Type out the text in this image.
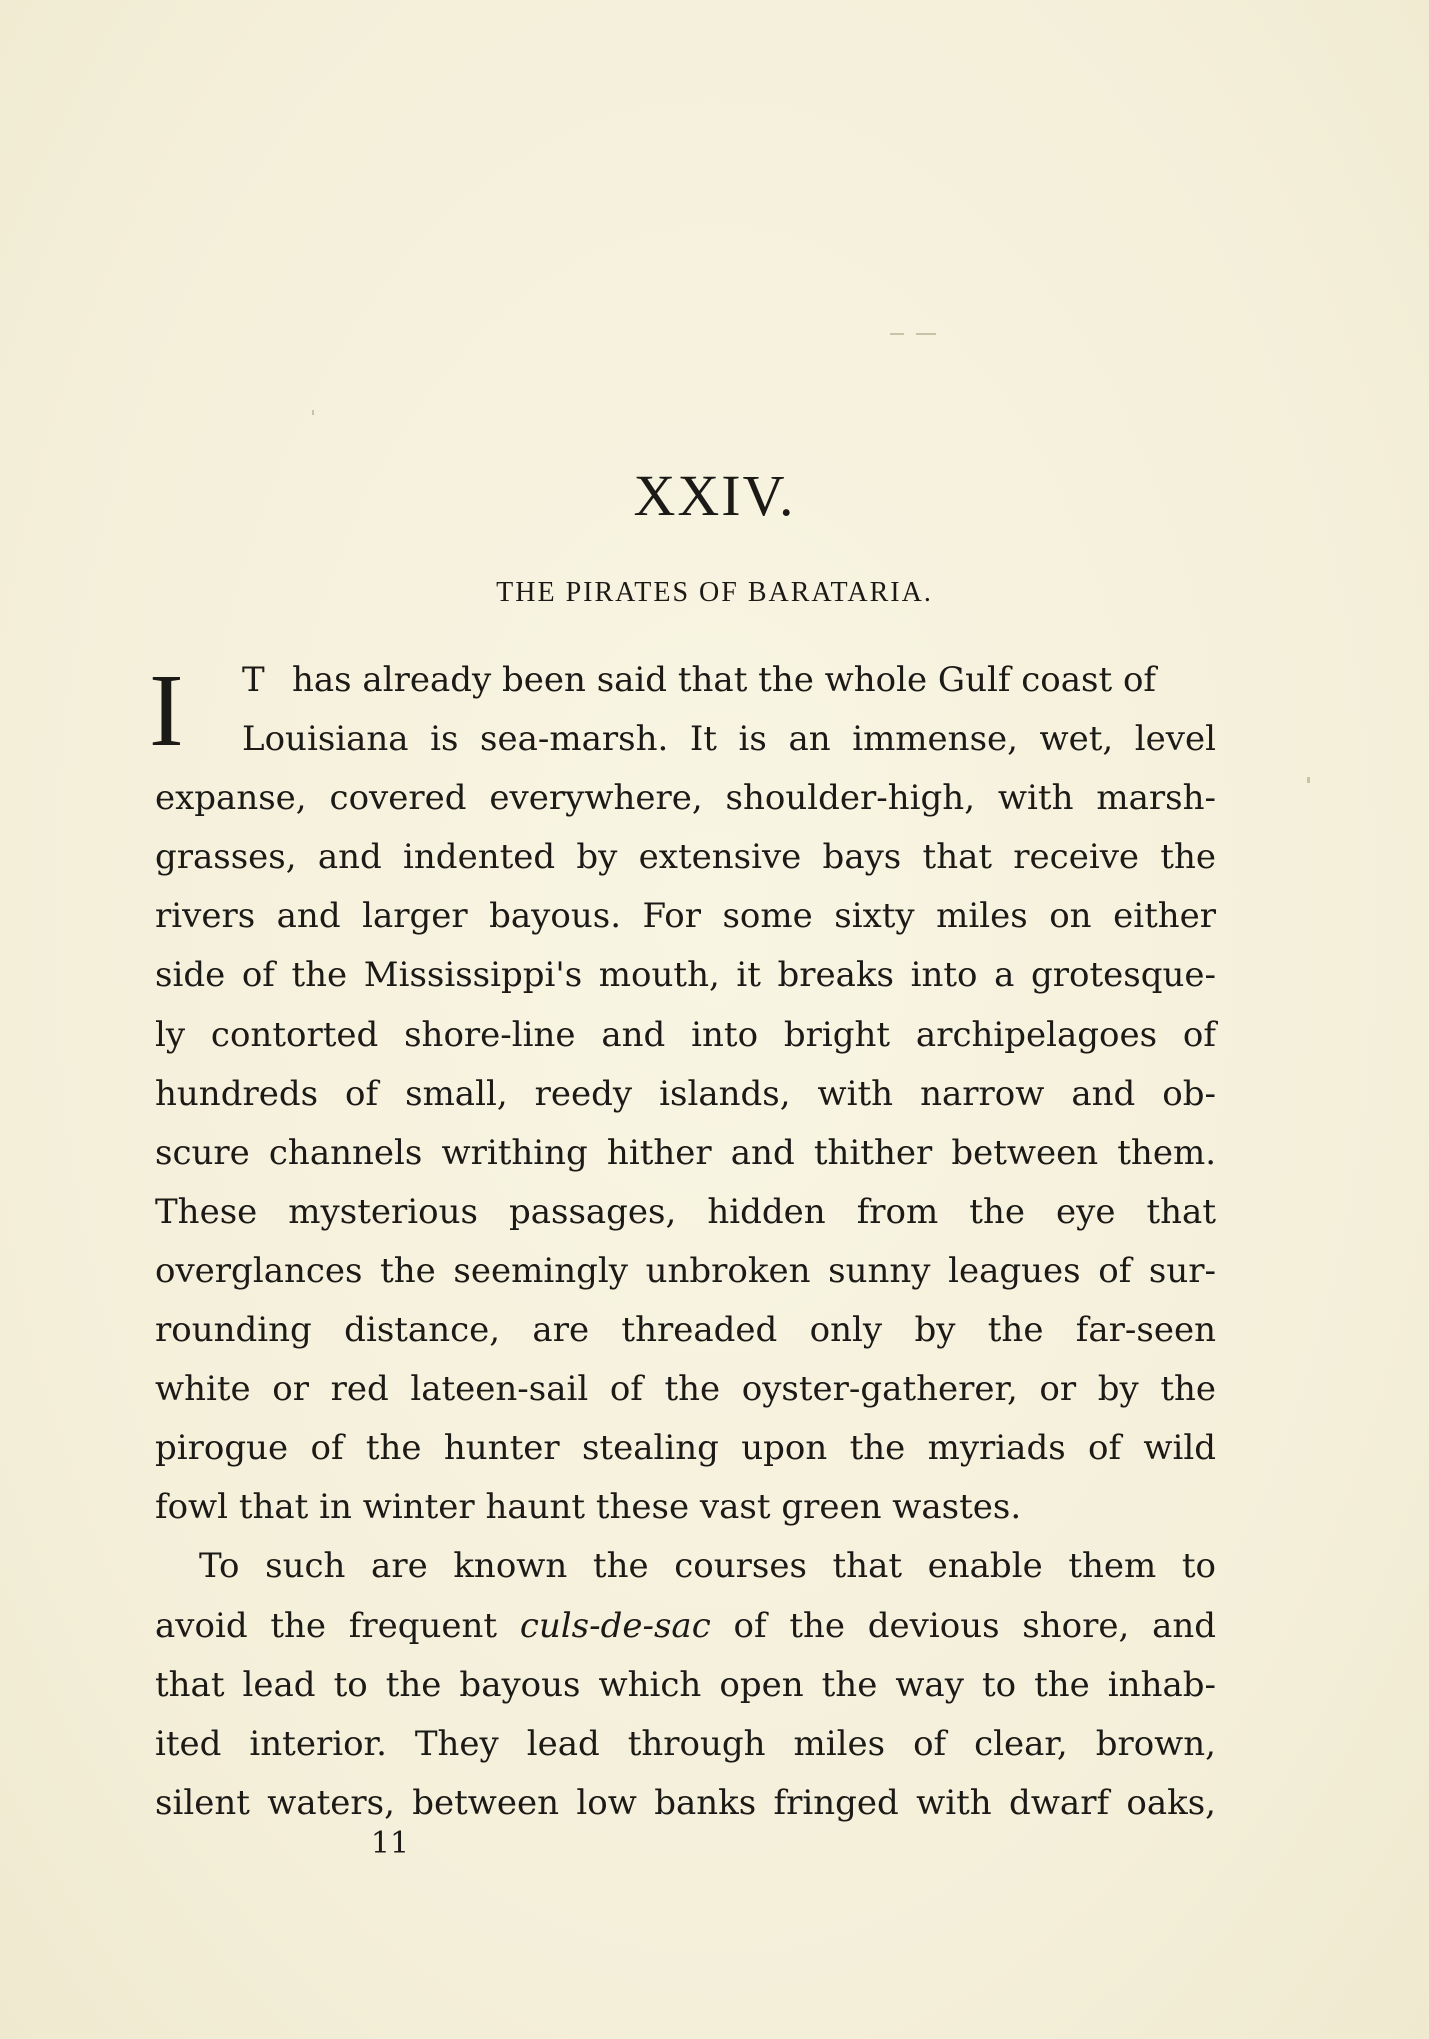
XXIV.
THE PIRATES OF BARATARIA.
I T has already been said that the whole Gulf coast of
Louisiana is sea-marsh. It is an immense, wet, level
expanse, covered everywhere, shoulder-high, with marsh-
grasses, and indented by extensive bays that receive the
rivers and larger bayous. For some sixty miles on either
side of the Mississippi's mouth, it breaks into a grotesque-
ly contorted shore-line and into bright archipelagoes of
hundreds of small, reedy islands, with narrow and ob-
scure channels writhing hither and thither between them.
These mysterious passages, hidden from the eye that
overglances the seemingly unbroken sunny leagues of sur-
rounding distance, are threaded only by the far-seen
white or red lateen-sail of the oyster-gatherer, or by the
pirogue of the hunter stealing upon the myriads of wild
fowl that in winter haunt these vast green wastes.
To such are known the courses that enable them to
avoid the frequent culs-de-sac of the devious shore, and
that lead to the bayous which open the way to the inhab-
ited interior. They lead through miles of clear, brown,
silent waters, between low banks fringed with dwarf oaks,
11
